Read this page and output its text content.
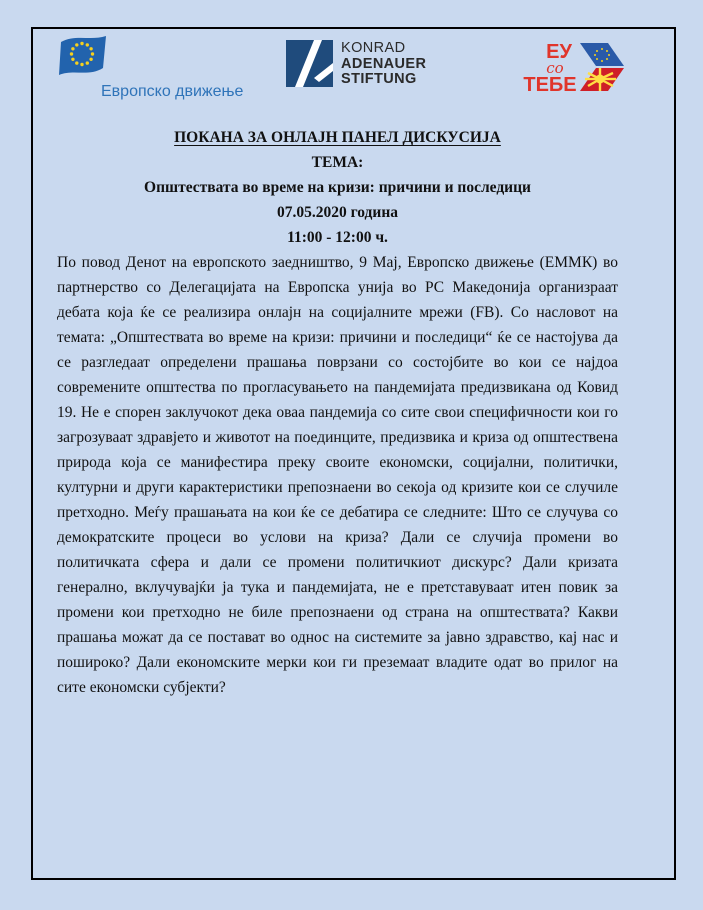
Европско движење
KONRAD
ADENAUER
STIFTUNG
ЕУ
со
ТЕБЕ
ПОКАНА ЗА ОНЛАЈН ПАНЕЛ ДИСКУСИЈА
ТЕМА:
Општествата во време на кризи: причини и последици
07.05.2020 година
11:00 - 12:00 ч.

По повод Денот на европското заедништво, 9 Мај, Европско движење (ЕММК) во партнерство со Делегацијата на Европска унија во РС Македонија организраат дебата која ќе се реализира онлајн на социјалните мрежи (FB). Со насловот на темата: „Општествата во време на кризи: причини и последици“ ќе се настојува да се разгледаат определени прашања поврзани со состојбите во кои се најдоа современите општества по прогласувањето на пандемијата предизвикана од Ковид 19. Не е спорен заклучокот дека оваа пандемија со сите свои специфичности кои го загрозуваат здравјето и животот на поединците, предизвика и криза од општествена природа која се манифестира преку своите економски, социјални, политички, културни и други карактеристики препознаени во секоја од кризите кои се случиле претходно. Меѓу прашањата на кои ќе се дебатира се следните: Што се случува со демократските процеси во услови на криза? Дали се случија промени во политичката сфера и дали се промени политичкиот дискурс? Дали кризата генерално, вклучувајќи ја тука и пандемијата, не е претставуваат итен повик за промени кои претходно не биле препознаени од страна на општествата? Какви прашања можат да се постават во однос на системите за јавно здравство, кај нас и пошироко? Дали економските мерки кои ги преземаат владите одат во прилог на сите економски субјекти?
